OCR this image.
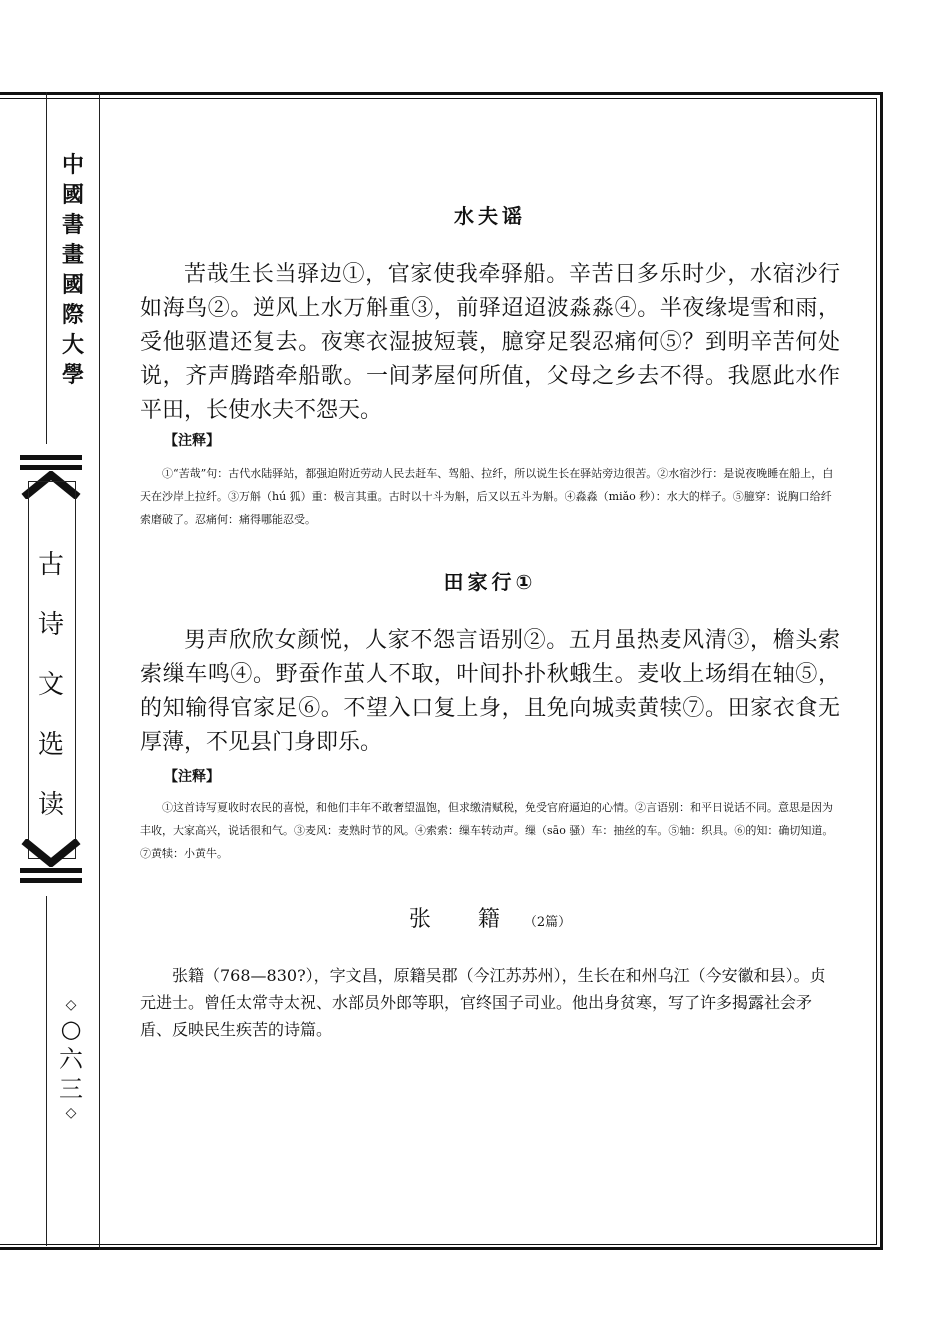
中
國
書
畫
國
際
大
學
古
诗
文
选
读
◇
○
六
三
◇
水夫谣

苦哉生长当驿边①，官家使我牵驿船。辛苦日多乐时少，水宿沙行如海鸟②。逆风上水万斛重③，前驿迢迢波淼淼④。半夜缘堤雪和雨，受他驱遣还复去。夜寒衣湿披短蓑，臆穿足裂忍痛何⑤？到明辛苦何处说，齐声腾踏牵船歌。一间茅屋何所值，父母之乡去不得。我愿此水作平田，长使水夫不怨天。

【注释】

①“苦哉”句：古代水陆驿站，都强迫附近劳动人民去赶车、驾船、拉纤，所以说生长在驿站旁边很苦。②水宿沙行：是说夜晚睡在船上，白天在沙岸上拉纤。③万斛（hú 狐）重：极言其重。古时以十斗为斛，后又以五斗为斛。④淼淼（miǎo 秒）：水大的样子。⑤臆穿：说胸口给纤索磨破了。忍痛何：痛得哪能忍受。

田家行①

男声欣欣女颜悦，人家不怨言语别②。五月虽热麦风清③，檐头索索缫车鸣④。野蚕作茧人不取，叶间扑扑秋蛾生。麦收上场绢在轴⑤，的知输得官家足⑥。不望入口复上身，且免向城卖黄犊⑦。田家衣食无厚薄，不见县门身即乐。

【注释】

①这首诗写夏收时农民的喜悦，和他们丰年不敢奢望温饱，但求缴清赋税，免受官府逼迫的心情。②言语别：和平日说话不同。意思是因为丰收，大家高兴，说话很和气。③麦风：麦熟时节的风。④索索：缫车转动声。缫（sāo 骚）车：抽丝的车。⑤轴：织具。⑥的知：确切知道。⑦黄犊：小黄牛。

张 籍 （2篇）

张籍（768—830?），字文昌，原籍吴郡（今江苏苏州），生长在和州乌江（今安徽和县）。贞元进士。曾任太常寺太祝、水部员外郎等职，官终国子司业。他出身贫寒，写了许多揭露社会矛盾、反映民生疾苦的诗篇。
